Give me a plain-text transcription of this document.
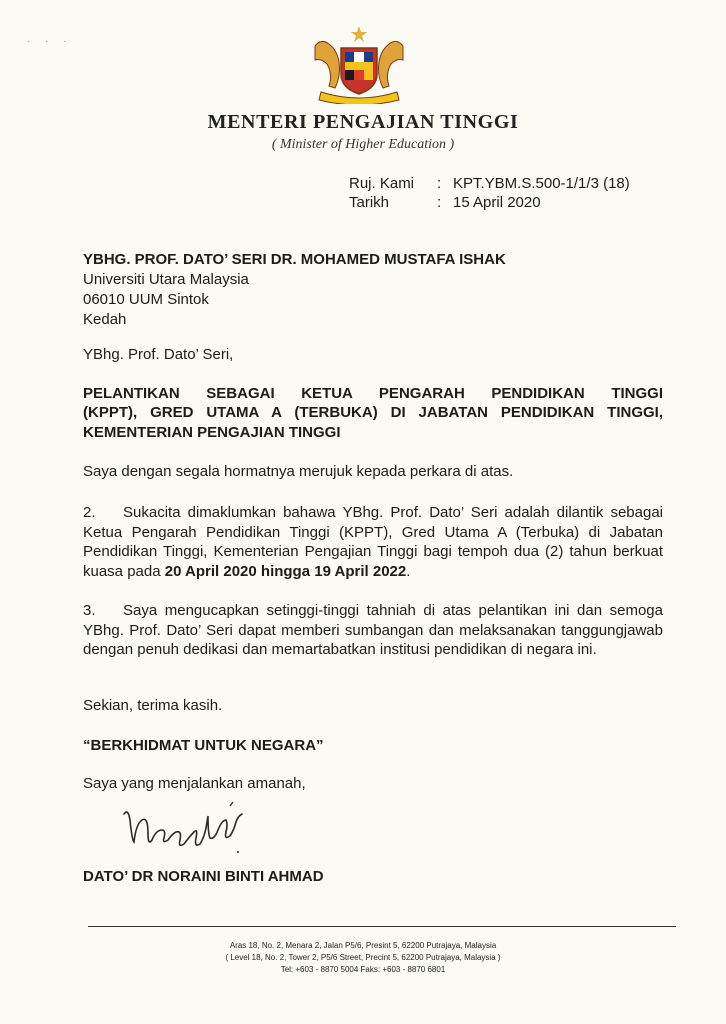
· · ·
MENTERI PENGAJIAN TINGGI
( Minister of Higher Education )
Ruj. Kami : KPT.YBM.S.500-1/1/3 (18)
Tarikh	: 15 April 2020
YBHG. PROF. DATO’ SERI DR. MOHAMED MUSTAFA ISHAK
Universiti Utara Malaysia
06010 UUM Sintok
Kedah
YBhg. Prof. Dato’ Seri,
PELANTIKAN SEBAGAI KETUA PENGARAH PENDIDIKAN TINGGI
(KPPT), GRED UTAMA A (TERBUKA) DI JABATAN PENDIDIKAN TINGGI,
KEMENTERIAN PENGAJIAN TINGGI
Saya dengan segala hormatnya merujuk kepada perkara di atas.
2. Sukacita dimaklumkan bahawa YBhg. Prof. Dato’ Seri adalah dilantik sebagai Ketua Pengarah Pendidikan Tinggi (KPPT), Gred Utama A (Terbuka) di Jabatan Pendidikan Tinggi, Kementerian Pengajian Tinggi bagi tempoh dua (2) tahun berkuat kuasa pada 20 April 2020 hingga 19 April 2022.
3. Saya mengucapkan setinggi-tinggi tahniah di atas pelantikan ini dan semoga YBhg. Prof. Dato’ Seri dapat memberi sumbangan dan melaksanakan tanggungjawab dengan penuh dedikasi dan memartabatkan institusi pendidikan di negara ini.
Sekian, terima kasih.
“BERKHIDMAT UNTUK NEGARA”
Saya yang menjalankan amanah,
DATO’ DR NORAINI BINTI AHMAD
Aras 18, No. 2, Menara 2, Jalan P5/6, Presint 5, 62200 Putrajaya, Malaysia
( Level 18, No. 2, Tower 2, P5/6 Street, Precint 5, 62200 Putrajaya, Malaysia )
Tel: +603 - 8870 5004 Faks: +603 - 8870 6801
